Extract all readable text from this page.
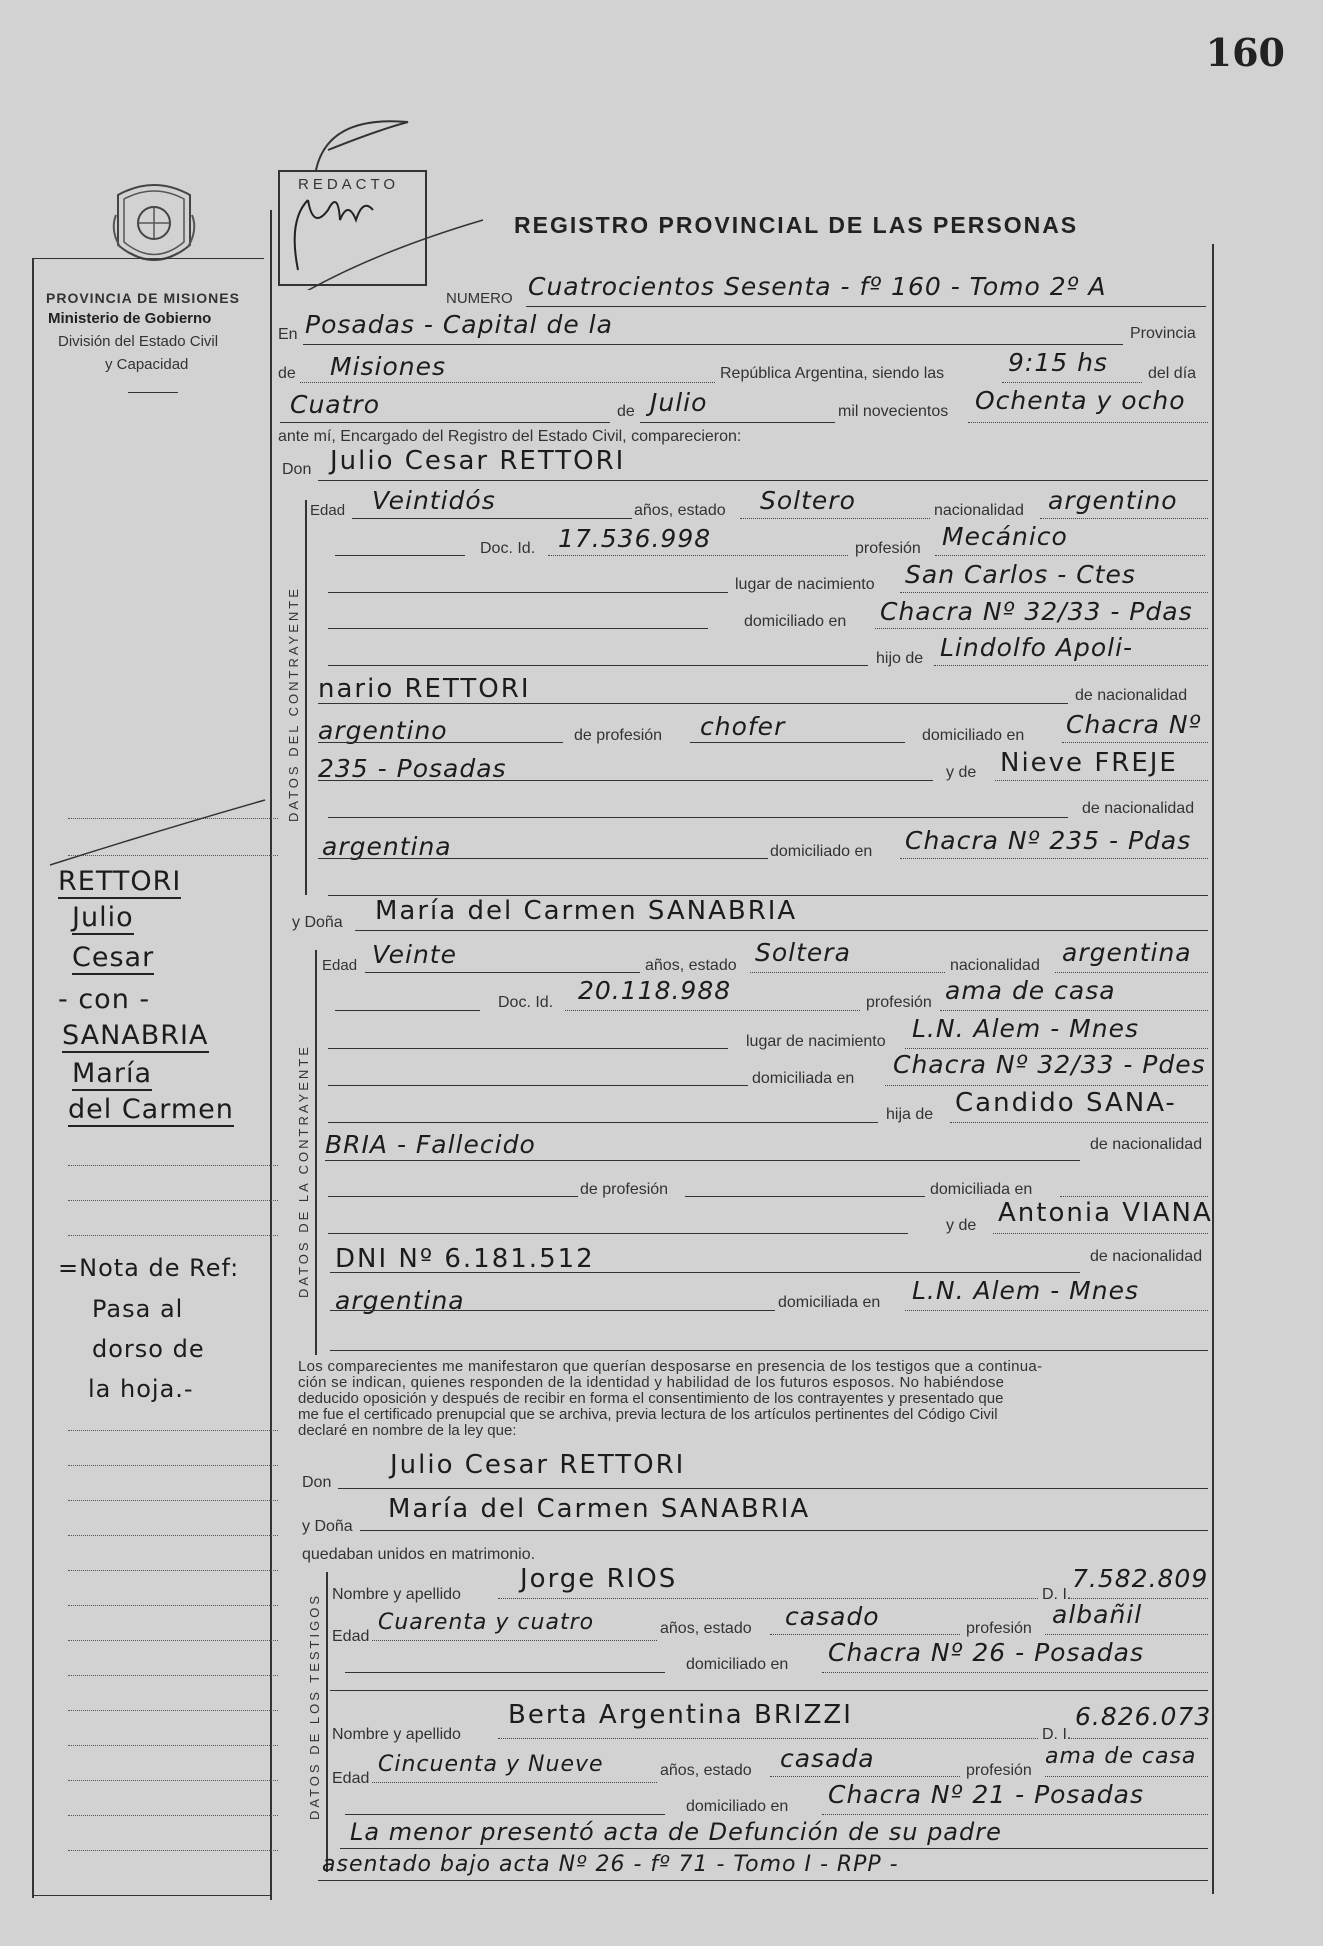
160
PROVINCIA DE MISIONES
Ministerio de Gobierno
División del Estado Civil
y Capacidad
REDACTO
REGISTRO PROVINCIAL DE LAS PERSONAS
NUMERO Cuatrocientos Sesenta - fº 160 - Tomo 2º A
En Posadas - Capital de la	Provincia
de Misiones	República Argentina, siendo las	9:15 hs	del día
Cuatro	de Julio	mil novecientos Ochenta y ocho
ante mí, Encargado del Registro del Estado Civil, comparecieron:
Don Julio Cesar RETTORI
DATOS DEL CONTRAYENTE
Edad Veintidós	años, estado Soltero	nacionalidad argentino
Doc. Id. 17.536.998	profesión Mecánico
lugar de nacimiento San Carlos - Ctes
domiciliado en Chacra Nº 32/33 - Pdas
hijo de Lindolfo Apoli-
nario RETTORI	de nacionalidad
argentino	de profesión chofer	domiciliado en Chacra Nº
235 - Posadas	y de Nieve FREJE
de nacionalidad
argentina	domiciliado en Chacra Nº 235 - Pdas
y Doña María del Carmen SANABRIA
DATOS DE LA CONTRAYENTE
Edad Veinte	años, estado Soltera	nacionalidad argentina
Doc. Id. 20.118.988	profesión ama de casa
lugar de nacimiento L.N. Alem - Mnes
domiciliada en Chacra Nº 32/33 - Pdes
hija de Candido SANA-
BRIA - Fallecido	de nacionalidad
de profesión	domiciliada en
y de Antonia VIANA
DNI Nº 6.181.512	de nacionalidad
argentina	domiciliada en L.N. Alem - Mnes
Los comparecientes me manifestaron que querían desposarse en presencia de los testigos que a continua-
ción se indican, quienes responden de la identidad y habilidad de los futuros esposos. No habiéndose
deducido oposición y después de recibir en forma el consentimiento de los contrayentes y presentado que
me fue el certificado prenupcial que se archiva, previa lectura de los artículos pertinentes del Código Civil
declaré en nombre de la ley que:
Don
Julio Cesar RETTORI
y Doña
María del Carmen SANABRIA
quedaban unidos en matrimonio.
DATOS DE LOS TESTIGOS Nombre y apellido
Jorge RIOS
D. I.
7.582.809
Edad
Cuarenta y cuatro	años, estado casado	profesión albañil
domiciliado en Chacra Nº 26 - Posadas
Nombre y apellido
Berta Argentina BRIZZI
D. I.
6.826.073
Edad
Cincuenta y Nueve	años, estado casada	profesión
ama de casa
domiciliado en Chacra Nº 21 - Posadas
La menor presentó acta de Defunción de su padre
asentado bajo acta Nº 26 - fº 71 - Tomo I - RPP -
RETTORI
Julio
Cesar
- con -
SANABRIA
María
del Carmen
=Nota de Ref:
Pasa al
dorso de
la hoja.-
